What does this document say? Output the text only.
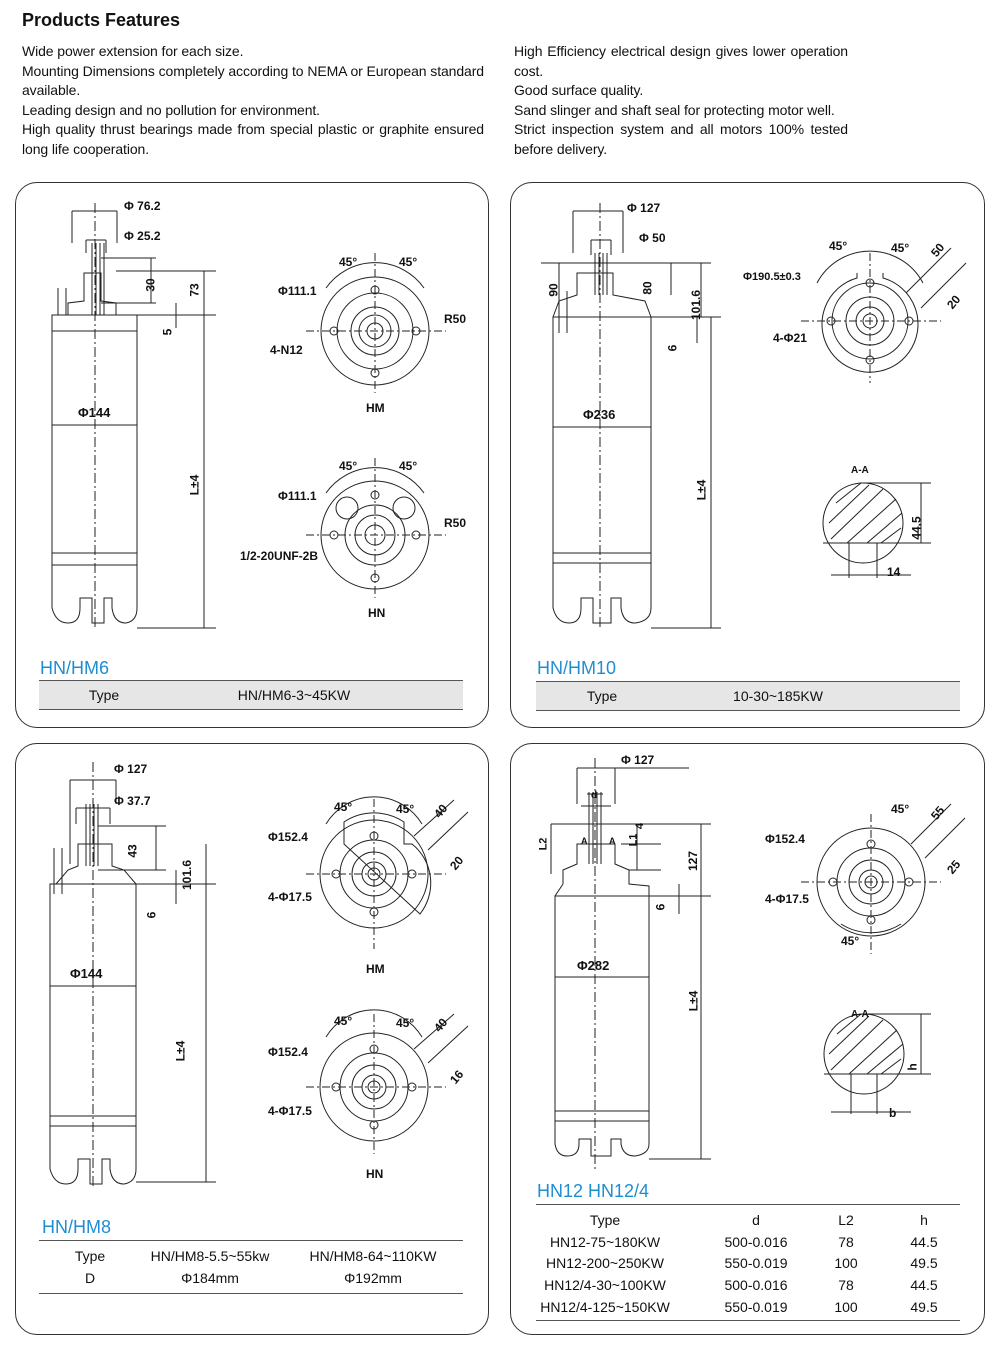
Products Features
Wide power extension for each size.
Mounting Dimensions completely according to NEMA or European standard available.
Leading design and no pollution for environment.
High quality thrust bearings made from special plastic or graphite ensured long life cooperation.
High Efficiency electrical design gives lower operation cost.
Good surface quality.
Sand slinger and shaft seal for protecting motor well.
Strict inspection system and all motors 100% tested before delivery.
Φ 76.2
Φ 25.2
30	73
5
Φ144
L±4
45°	45°
Φ111.1
4-N12
R50
HM
45°	45°
Φ111.1
1/2-20UNF-2B
R50
HN
HN/HM6
Type	HN/HM6-3~45KW
Φ 127
Φ 50
90	80
101.6
6
Φ236
L±4
Φ190.5±0.3
4-Φ21
45°	45° 50
20
A-A
44.5
14
HN/HM10
Type	10-30~185KW
Φ 127
Φ 37.7
43
101.6
6
Φ144
L±4
45°	45° 40
20
Φ152.4
4-Φ17.5
HM
45°	45° 40
16
Φ152.4
4-Φ17.5
HN
HN/HM8
Type	HN/HM8-5.5~55kw	HN/HM8-64~110KW
D	Φ184mm	Φ192mm
Φ 127
d
L2	A A L1
4
127
6
Φ282
L±4
Φ152.4
4-Φ17.5
45°
45°
55
25
A-A
h
b
HN12 HN12/4
Type	d	L2	h
HN12-75~180KW	500-0.016	78	44.5
HN12-200~250KW	550-0.019	100	49.5
HN12/4-30~100KW	500-0.016	78	44.5
HN12/4-125~150KW	550-0.019	100	49.5
